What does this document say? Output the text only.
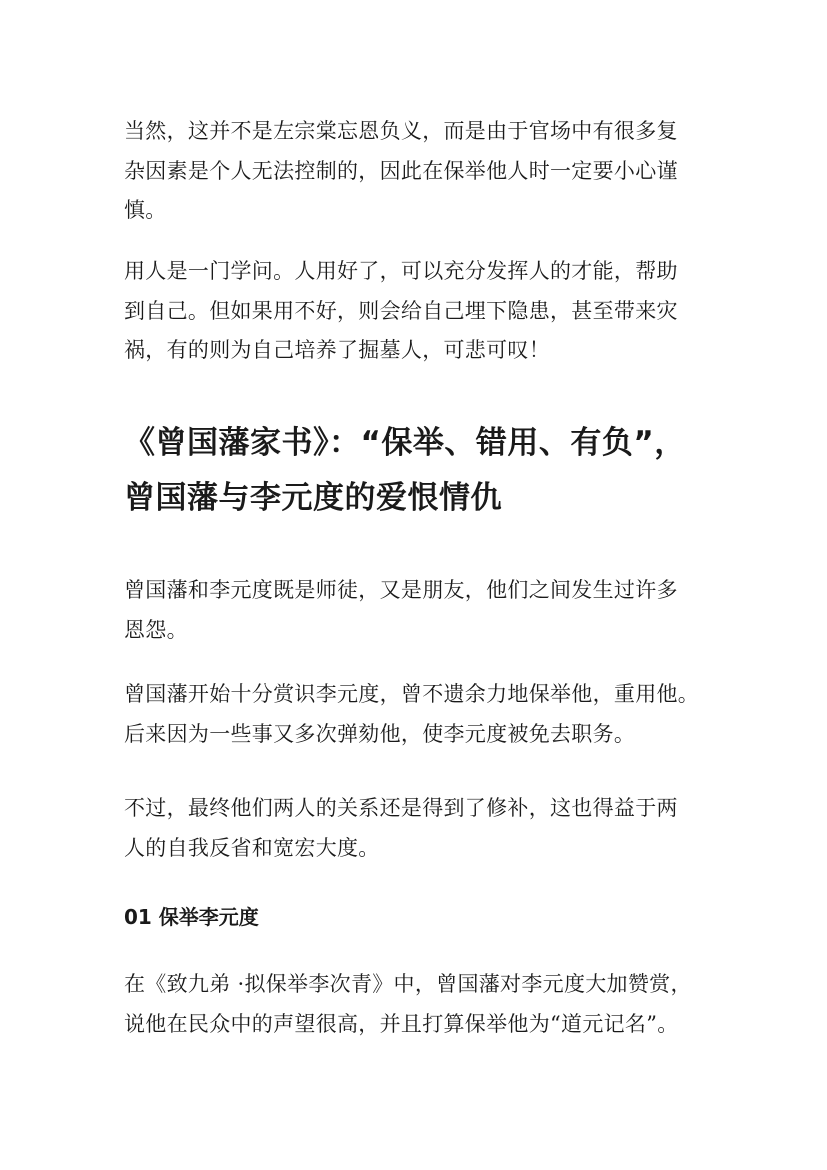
当然，这并不是左宗棠忘恩负义，而是由于官场中有很多复
杂因素是个人无法控制的，因此在保举他人时一定要小心谨
慎。

用人是一门学问。人用好了，可以充分发挥人的才能，帮助
到自己。但如果用不好，则会给自己埋下隐患，甚至带来灾
祸，有的则为自己培养了掘墓人，可悲可叹！

《曾国藩家书》：“保举、错用、有负”，
曾国藩与李元度的爱恨情仇

曾国藩和李元度既是师徒，又是朋友，他们之间发生过许多
恩怨。

曾国藩开始十分赏识李元度，曾不遗余力地保举他，重用他。
后来因为一些事又多次弹劾他，使李元度被免去职务。

不过，最终他们两人的关系还是得到了修补，这也得益于两
人的自我反省和宽宏大度。

01 保举李元度

在《致九弟 ·拟保举李次青》中，曾国藩对李元度大加赞赏，
说他在民众中的声望很高，并且打算保举他为“道元记名”。
